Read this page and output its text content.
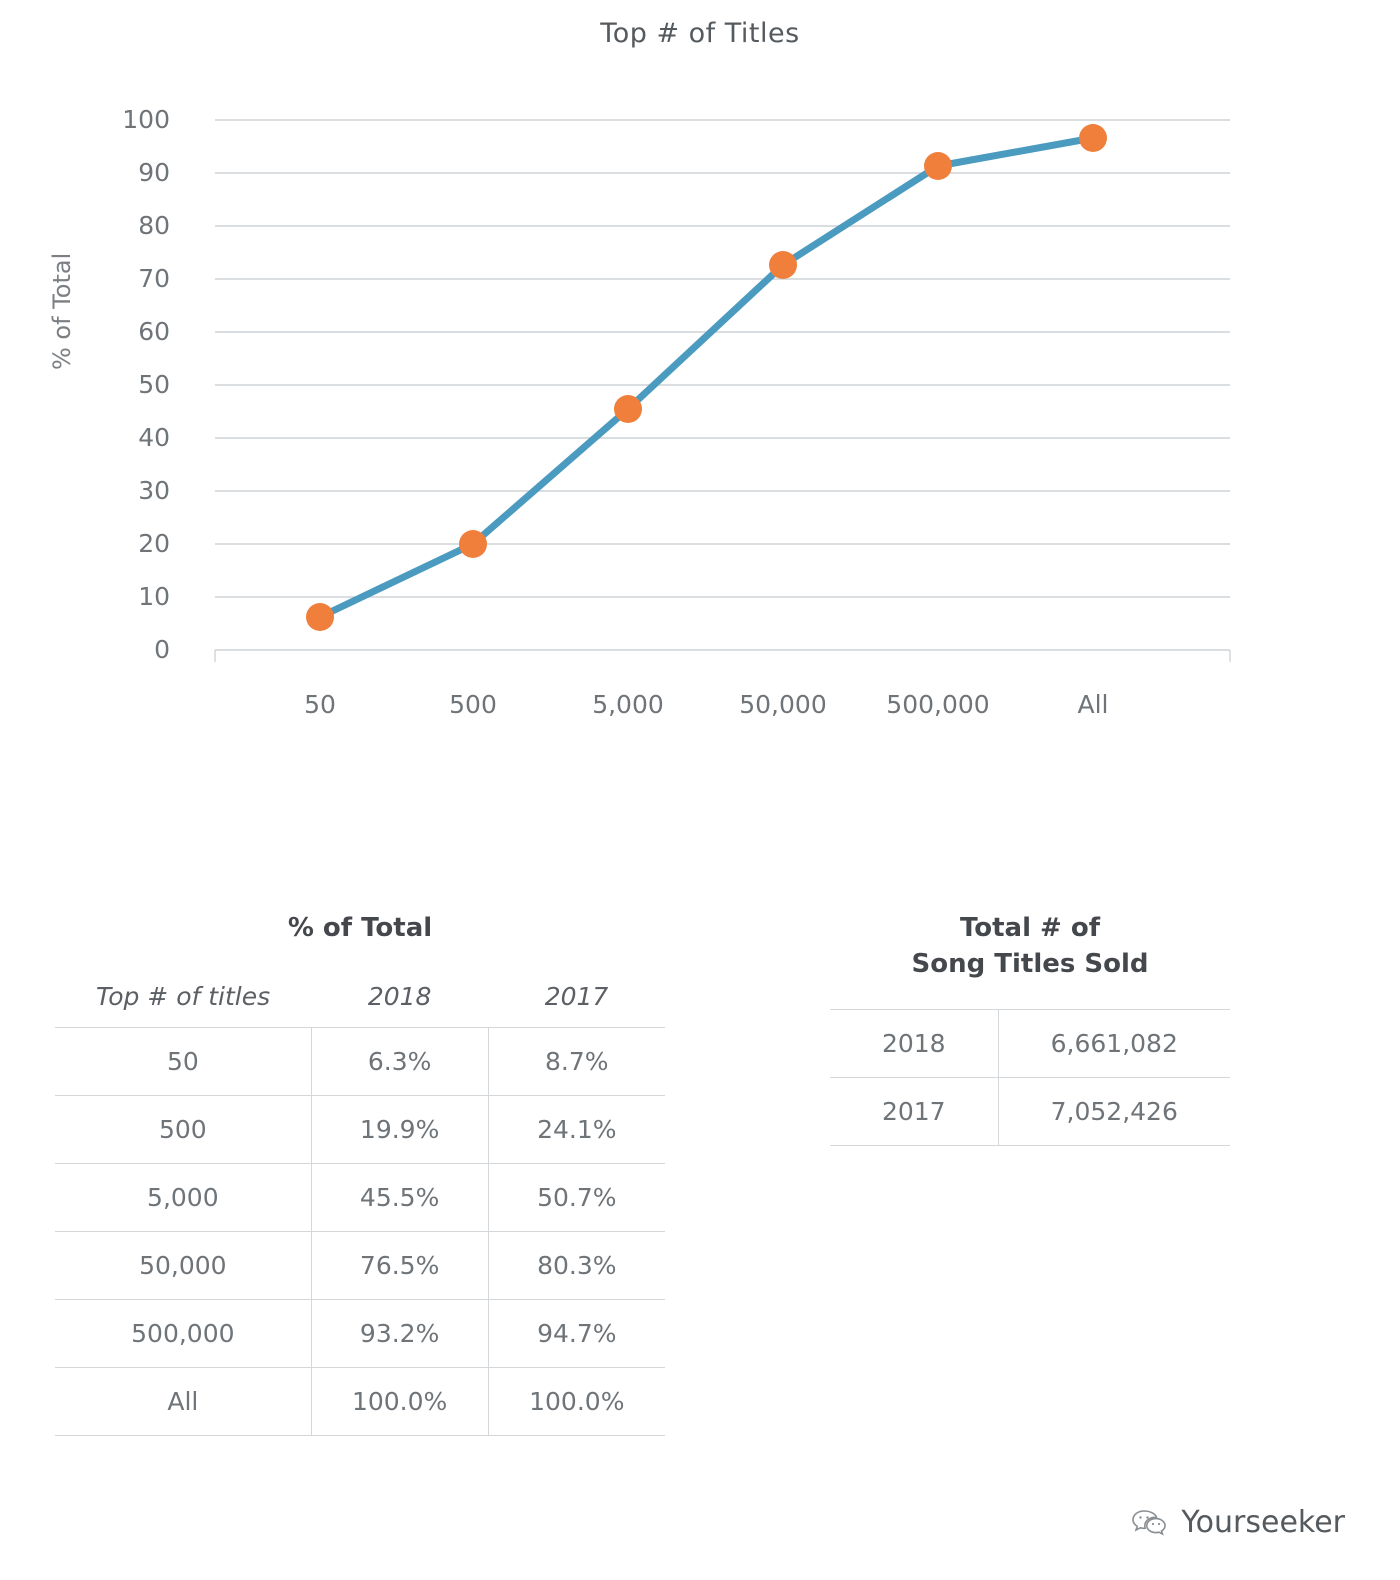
Top # of Titles
% of Total
100
90
80
70
60
50
40
30
20
10
0
50	500	5,000	50,000	500,000	All
% of Total
Top # of titles	2018	2017
50	6.3%	8.7%
500	19.9%	24.1%
5,000	45.5%	50.7%
50,000	76.5%	80.3%
500,000	93.2%	94.7%
All	100.0%	100.0%
Total # of
Song Titles Sold
2018	6,661,082
2017	7,052,426
Yourseeker
